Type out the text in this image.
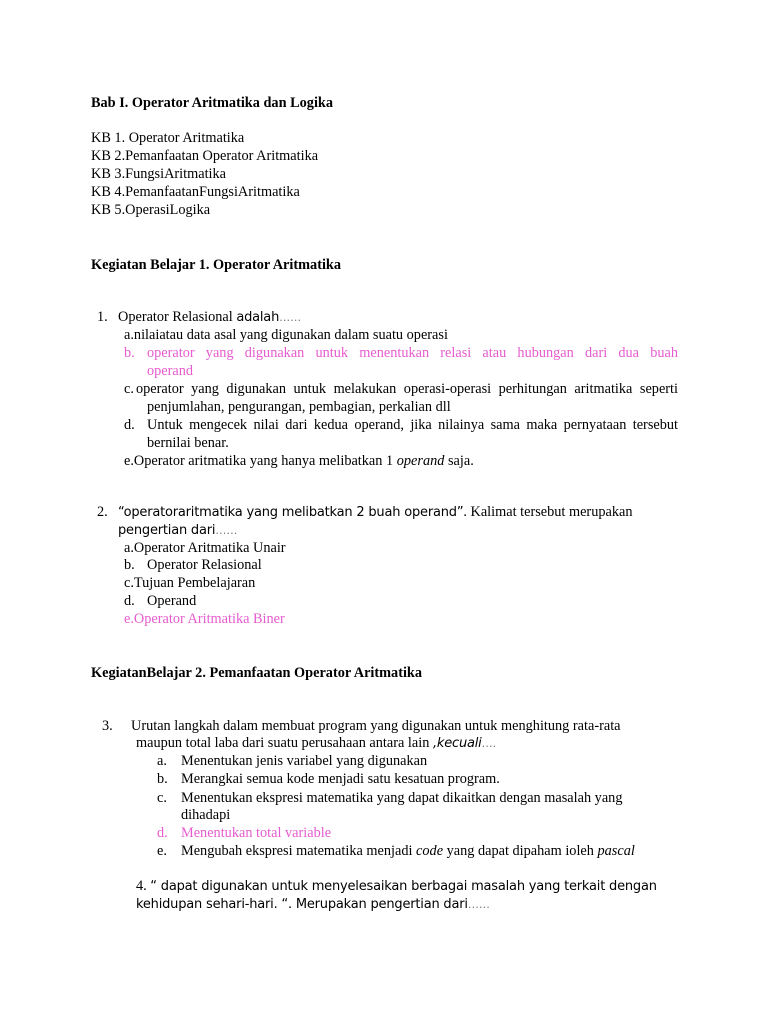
Bab I. Operator Aritmatika dan Logika
KB 1. Operator Aritmatika
KB 2.Pemanfaatan Operator Aritmatika
KB 3.FungsiAritmatika
KB 4.PemanfaatanFungsiAritmatika
KB 5.OperasiLogika
Kegiatan Belajar 1. Operator Aritmatika
1. Operator Relasional adalah……
a.nilaiatau data asal yang digunakan dalam suatu operasi
b. operator yang digunakan untuk menentukan relasi atau hubungan dari dua buah
operand
c. operator yang digunakan untuk melakukan operasi-operasi perhitungan aritmatika seperti
penjumlahan, pengurangan, pembagian, perkalian dll
d. Untuk mengecek nilai dari kedua operand, jika nilainya sama maka pernyataan tersebut
bernilai benar.
e.Operator aritmatika yang hanya melibatkan 1 operand saja.
2. “operatoraritmatika yang melibatkan 2 buah operand”. Kalimat tersebut merupakan
pengertian dari……
a.Operator Aritmatika Unair
b. Operator Relasional
c.Tujuan Pembelajaran
d. Operand
e.Operator Aritmatika Biner
KegiatanBelajar 2. Pemanfaatan Operator Aritmatika
3. Urutan langkah dalam membuat program yang digunakan untuk menghitung rata-rata
maupun total laba dari suatu perusahaan antara lain ,kecuali….
a. Menentukan jenis variabel yang digunakan
b. Merangkai semua kode menjadi satu kesatuan program.
c. Menentukan ekspresi matematika yang dapat dikaitkan dengan masalah yang
dihadapi
d. Menentukan total variable
e. Mengubah ekspresi matematika menjadi code yang dapat dipaham ioleh pascal
4. “ dapat digunakan untuk menyelesaikan berbagai masalah yang terkait dengan
kehidupan sehari-hari. “. Merupakan pengertian dari……
